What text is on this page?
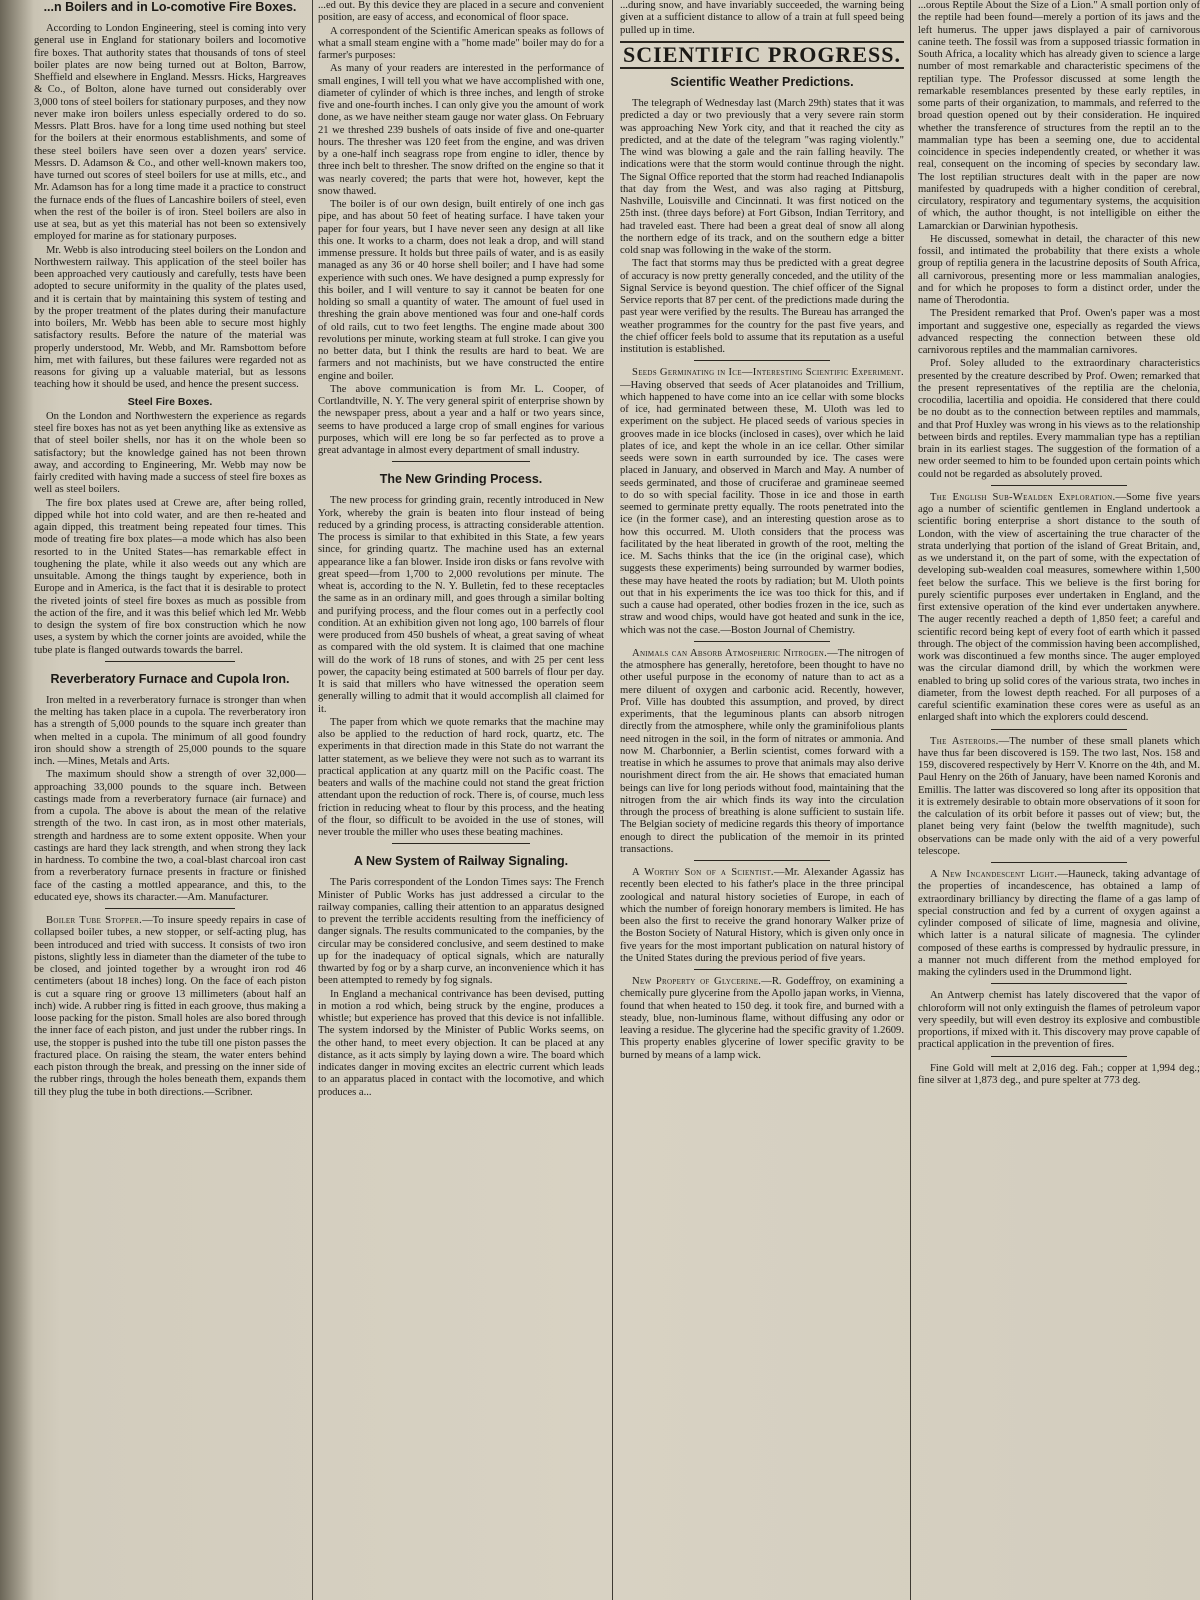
...n Boilers and in Lo-comotive Fire Boxes.

According to London Engineering, steel is coming into very general use in England for stationary boilers and locomotive fire boxes. That authority states that thousands of tons of steel boiler plates are now being turned out at Bolton, Barrow, Sheffield and elsewhere in England. Messrs. Hicks, Hargreaves & Co., of Bolton, alone have turned out considerably over 3,000 tons of steel boilers for stationary purposes, and they now never make iron boilers unless especially ordered to do so. Messrs. Platt Bros. have for a long time used nothing but steel for the boilers at their enormous establishments, and some of these steel boilers have seen over a dozen years' service. Messrs. D. Adamson & Co., and other well-known makers too, have turned out scores of steel boilers for use at mills, etc., and Mr. Adamson has for a long time made it a practice to construct the furnace ends of the flues of Lancashire boilers of steel, even when the rest of the boiler is of iron. Steel boilers are also in use at sea, but as yet this material has not been so extensively employed for marine as for stationary purposes.

Mr. Webb is also introducing steel boilers on the London and Northwestern railway. This application of the steel boiler has been approached very cautiously and carefully, tests have been adopted to secure uniformity in the quality of the plates used, and it is certain that by maintaining this system of testing and by the proper treatment of the plates during their manufacture into boilers, Mr. Webb has been able to secure most highly satisfactory results. Before the nature of the material was properly understood, Mr. Webb, and Mr. Ramsbottom before him, met with failures, but these failures were regarded not as reasons for giving up a valuable material, but as lessons teaching how it should be used, and hence the present success.

Steel Fire Boxes.

On the London and Northwestern the experience as regards steel fire boxes has not as yet been anything like as extensive as that of steel boiler shells, nor has it on the whole been so satisfactory; but the knowledge gained has not been thrown away, and according to Engineering, Mr. Webb may now be fairly credited with having made a success of steel fire boxes as well as steel boilers.

The fire box plates used at Crewe are, after being rolled, dipped while hot into cold water, and are then re-heated and again dipped, this treatment being repeated four times. This mode of treating fire box plates—a mode which has also been resorted to in the United States—has remarkable effect in toughening the plate, while it also weeds out any which are unsuitable. Among the things taught by experience, both in Europe and in America, is the fact that it is desirable to protect the riveted joints of steel fire boxes as much as possible from the action of the fire, and it was this belief which led Mr. Webb to design the system of fire box construction which he now uses, a system by which the corner joints are avoided, while the tube plate is flanged outwards towards the barrel.

Reverberatory Furnace and Cupola Iron.

Iron melted in a reverberatory furnace is stronger than when the melting has taken place in a cupola. The reverberatory iron has a strength of 5,000 pounds to the square inch greater than when melted in a cupola. The minimum of all good foundry iron should show a strength of 25,000 pounds to the square inch. —Mines, Metals and Arts.

The maximum should show a strength of over 32,000—approaching 33,000 pounds to the square inch. Between castings made from a reverberatory furnace (air furnace) and from a cupola. The above is about the mean of the relative strength of the two. In cast iron, as in most other materials, strength and hardness are to some extent opposite. When your castings are hard they lack strength, and when strong they lack in hardness. To combine the two, a coal-blast charcoal iron cast from a reverberatory furnace presents in fracture or finished face of the casting a mottled appearance, and this, to the educated eye, shows its character.—Am. Manufacturer.

Boiler Tube Stopper.—To insure speedy repairs in case of collapsed boiler tubes, a new stopper, or self-acting plug, has been introduced and tried with success. It consists of two iron pistons, slightly less in diameter than the diameter of the tube to be closed, and jointed together by a wrought iron rod 46 centimeters (about 18 inches) long. On the face of each piston is cut a square ring or groove 13 millimeters (about half an inch) wide. A rubber ring is fitted in each groove, thus making a loose packing for the piston. Small holes are also bored through the inner face of each piston, and just under the rubber rings. In use, the stopper is pushed into the tube till one piston passes the fractured place. On raising the steam, the water enters behind each piston through the break, and pressing on the inner side of the rubber rings, through the holes beneath them, expands them till they plug the tube in both directions.—Scribner.

...ed out. By this device they are placed in a secure and convenient position, are easy of access, and economical of floor space.

A correspondent of the Scientific American speaks as follows of what a small steam engine with a "home made" boiler may do for a farmer's purposes:

As many of your readers are interested in the performance of small engines, I will tell you what we have accomplished with one, diameter of cylinder of which is three inches, and length of stroke five and one-fourth inches. I can only give you the amount of work done, as we have neither steam gauge nor water glass. On February 21 we threshed 239 bushels of oats inside of five and one-quarter hours. The thresher was 120 feet from the engine, and was driven by a one-half inch seagrass rope from engine to idler, thence by three inch belt to thresher. The snow drifted on the engine so that it was nearly covered; the parts that were hot, however, kept the snow thawed.

The boiler is of our own design, built entirely of one inch gas pipe, and has about 50 feet of heating surface. I have taken your paper for four years, but I have never seen any design at all like this one. It works to a charm, does not leak a drop, and will stand immense pressure. It holds but three pails of water, and is as easily managed as any 36 or 40 horse shell boiler; and I have had some experience with such ones. We have designed a pump expressly for this boiler, and I will venture to say it cannot be beaten for one holding so small a quantity of water. The amount of fuel used in threshing the grain above mentioned was four and one-half cords of old rails, cut to two feet lengths. The engine made about 300 revolutions per minute, working steam at full stroke. I can give you no better data, but I think the results are hard to beat. We are farmers and not machinists, but we have constructed the entire engine and boiler.

The above communication is from Mr. L. Cooper, of Cortlandtville, N. Y. The very general spirit of enterprise shown by the newspaper press, about a year and a half or two years since, seems to have produced a large crop of small engines for various purposes, which will ere long be so far perfected as to prove a great advantage in almost every department of small industry.

The New Grinding Process.

The new process for grinding grain, recently introduced in New York, whereby the grain is beaten into flour instead of being reduced by a grinding process, is attracting considerable attention. The process is similar to that exhibited in this State, a few years since, for grinding quartz. The machine used has an external appearance like a fan blower. Inside iron disks or fans revolve with great speed—from 1,700 to 2,000 revolutions per minute. The wheat is, according to the N. Y. Bulletin, fed to these receptacles the same as in an ordinary mill, and goes through a similar bolting and purifying process, and the flour comes out in a perfectly cool condition. At an exhibition given not long ago, 100 barrels of flour were produced from 450 bushels of wheat, a great saving of wheat as compared with the old system. It is claimed that one machine will do the work of 18 runs of stones, and with 25 per cent less power, the capacity being estimated at 500 barrels of flour per day. It is said that millers who have witnessed the operation seem generally willing to admit that it would accomplish all claimed for it.

The paper from which we quote remarks that the machine may also be applied to the reduction of hard rock, quartz, etc. The experiments in that direction made in this State do not warrant the latter statement, as we believe they were not such as to warrant its practical application at any quartz mill on the Pacific coast. The beaters and walls of the machine could not stand the great friction attendant upon the reduction of rock. There is, of course, much less friction in reducing wheat to flour by this process, and the heating of the flour, so difficult to be avoided in the use of stones, will never trouble the miller who uses these beating machines.

A New System of Railway Signaling.

The Paris correspondent of the London Times says: The French Minister of Public Works has just addressed a circular to the railway companies, calling their attention to an apparatus designed to prevent the terrible accidents resulting from the inefficiency of danger signals. The results communicated to the companies, by the circular may be considered conclusive, and seem destined to make up for the inadequacy of optical signals, which are naturally thwarted by fog or by a sharp curve, an inconvenience which it has been attempted to remedy by fog signals.

In England a mechanical contrivance has been devised, putting in motion a rod which, being struck by the engine, produces a whistle; but experience has proved that this device is not infallible. The system indorsed by the Minister of Public Works seems, on the other hand, to meet every objection. It can be placed at any distance, as it acts simply by laying down a wire. The board which indicates danger in moving excites an electric current which leads to an apparatus placed in contact with the locomotive, and which produces a...

...during snow, and have invariably succeeded, the warning being given at a sufficient distance to allow of a train at full speed being pulled up in time.

SCIENTIFIC PROGRESS.
Scientific Weather Predictions.

The telegraph of Wednesday last (March 29th) states that it was predicted a day or two previously that a very severe rain storm was approaching New York city, and that it reached the city as predicted, and at the date of the telegram "was raging violently." The wind was blowing a gale and the rain falling heavily. The indications were that the storm would continue through the night. The Signal Office reported that the storm had reached Indianapolis that day from the West, and was also raging at Pittsburg, Nashville, Louisville and Cincinnati. It was first noticed on the 25th inst. (three days before) at Fort Gibson, Indian Territory, and had traveled east. There had been a great deal of snow all along the northern edge of its track, and on the southern edge a bitter cold snap was following in the wake of the storm.

The fact that storms may thus be predicted with a great degree of accuracy is now pretty generally conceded, and the utility of the Signal Service is beyond question. The chief officer of the Signal Service reports that 87 per cent. of the predictions made during the past year were verified by the results. The Bureau has arranged the weather programmes for the country for the past five years, and the chief officer feels bold to assume that its reputation as a useful institution is established.

Seeds Germinating in Ice—Interesting Scientific Experiment.—Having observed that seeds of Acer platanoides and Trillium, which happened to have come into an ice cellar with some blocks of ice, had germinated between these, M. Uloth was led to experiment on the subject. He placed seeds of various species in grooves made in ice blocks (inclosed in cases), over which he laid plates of ice, and kept the whole in an ice cellar. Other similar seeds were sown in earth surrounded by ice. The cases were placed in January, and observed in March and May. A number of seeds germinated, and those of cruciferae and gramineae seemed to do so with special facility. Those in ice and those in earth seemed to germinate pretty equally. The roots penetrated into the ice (in the former case), and an interesting question arose as to how this occurred. M. Uloth considers that the process was facilitated by the heat liberated in growth of the root, melting the ice. M. Sachs thinks that the ice (in the original case), which suggests these experiments) being surrounded by warmer bodies, these may have heated the roots by radiation; but M. Uloth points out that in his experiments the ice was too thick for this, and if such a cause had operated, other bodies frozen in the ice, such as straw and wood chips, would have got heated and sunk in the ice, which was not the case.—Boston Journal of Chemistry.

Animals can Absorb Atmospheric Nitrogen.—The nitrogen of the atmosphere has generally, heretofore, been thought to have no other useful purpose in the economy of nature than to act as a mere diluent of oxygen and carbonic acid. Recently, however, Prof. Ville has doubted this assumption, and proved, by direct experiments, that the leguminous plants can absorb nitrogen directly from the atmosphere, while only the graminifolious plants need nitrogen in the soil, in the form of nitrates or ammonia. And now M. Charbonnier, a Berlin scientist, comes forward with a treatise in which he assumes to prove that animals may also derive nourishment direct from the air. He shows that emaciated human beings can live for long periods without food, maintaining that the nitrogen from the air which finds its way into the circulation through the process of breathing is alone sufficient to sustain life. The Belgian society of medicine regards this theory of importance enough to direct the publication of the memoir in its printed transactions.

A Worthy Son of a Scientist.—Mr. Alexander Agassiz has recently been elected to his father's place in the three principal zoological and natural history societies of Europe, in each of which the number of foreign honorary members is limited. He has been also the first to receive the grand honorary Walker prize of the Boston Society of Natural History, which is given only once in five years for the most important publication on natural history of the United States during the previous period of five years.

New Property of Glycerine.—R. Godeffroy, on examining a chemically pure glycerine from the Apollo japan works, in Vienna, found that when heated to 150 deg. it took fire, and burned with a steady, blue, non-luminous flame, without diffusing any odor or leaving a residue. The glycerine had the specific gravity of 1.2609. This property enables glycerine of lower specific gravity to be burned by means of a lamp wick.

...orous Reptile About the Size of a Lion." A small portion only of the reptile had been found—merely a portion of its jaws and the left humerus. The upper jaws displayed a pair of carnivorous canine teeth. The fossil was from a supposed triassic formation in South Africa, a locality which has already given to science a large number of most remarkable and characteristic specimens of the reptilian type. The Professor discussed at some length the remarkable resemblances presented by these early reptiles, in some parts of their organization, to mammals, and referred to the broad question opened out by their consideration. He inquired whether the transference of structures from the reptil an to the mammalian type has been a seeming one, due to accidental coincidence in species independently created, or whether it was real, consequent on the incoming of species by secondary law. The lost reptilian structures dealt with in the paper are now manifested by quadrupeds with a higher condition of cerebral, circulatory, respiratory and tegumentary systems, the acquisition of which, the author thought, is not intelligible on either the Lamarckian or Darwinian hypothesis.

He discussed, somewhat in detail, the character of this new fossil, and intimated the probability that there exists a whole group of reptilia genera in the lacustrine deposits of South Africa, all carnivorous, presenting more or less mammalian analogies, and for which he proposes to form a distinct order, under the name of Therodontia.

The President remarked that Prof. Owen's paper was a most important and suggestive one, especially as regarded the views advanced respecting the connection between these old carnivorous reptiles and the mammalian carnivores.

Prof. Soley alluded to the extraordinary characteristics presented by the creature described by Prof. Owen; remarked that the present representatives of the reptilia are the chelonia, crocodilia, lacertilia and opoidia. He considered that there could be no doubt as to the connection between reptiles and mammals, and that Prof Huxley was wrong in his views as to the relationship between birds and reptiles. Every mammalian type has a reptilian brain in its earliest stages. The suggestion of the formation of a new order seemed to him to be founded upon certain points which could not be regarded as absolutely proved.

The English Sub-Wealden Exploration.—Some five years ago a number of scientific gentlemen in England undertook a scientific boring enterprise a short distance to the south of London, with the view of ascertaining the true character of the strata underlying that portion of the island of Great Britain, and, as we understand it, on the part of some, with the expectation of developing sub-wealden coal measures, somewhere within 1,500 feet below the surface. This we believe is the first boring for purely scientific purposes ever undertaken in England, and the first extensive operation of the kind ever undertaken anywhere. The auger recently reached a depth of 1,850 feet; a careful and scientific record being kept of every foot of earth which it passed through. The object of the commission having been accomplished, work was discontinued a few months since. The auger employed was the circular diamond drill, by which the workmen were enabled to bring up solid cores of the various strata, two inches in diameter, from the lowest depth reached. For all purposes of a careful scientific examination these cores were as useful as an enlarged shaft into which the explorers could descend.

The Asteroids.—The number of these small planets which have thus far been discovered is 159. The two last, Nos. 158 and 159, discovered respectively by Herr V. Knorre on the 4th, and M. Paul Henry on the 26th of January, have been named Koronis and Emillis. The latter was discovered so long after its opposition that it is extremely desirable to obtain more observations of it soon for the calculation of its orbit before it passes out of view; but, the planet being very faint (below the twelfth magnitude), such observations can be made only with the aid of a very powerful telescope.

A New Incandescent Light.—Hauneck, taking advantage of the properties of incandescence, has obtained a lamp of extraordinary brilliancy by directing the flame of a gas lamp of special construction and fed by a current of oxygen against a cylinder composed of silicate of lime, magnesia and olivine, which latter is a natural silicate of magnesia. The cylinder composed of these earths is compressed by hydraulic pressure, in a manner not much different from the method employed for making the cylinders used in the Drummond light.

An Antwerp chemist has lately discovered that the vapor of chloroform will not only extinguish the flames of petroleum vapor very speedily, but will even destroy its explosive and combustible proportions, if mixed with it. This discovery may prove capable of practical application in the prevention of fires.

Fine Gold will melt at 2,016 deg. Fah.; copper at 1,994 deg.; fine silver at 1,873 deg., and pure spelter at 773 deg.
